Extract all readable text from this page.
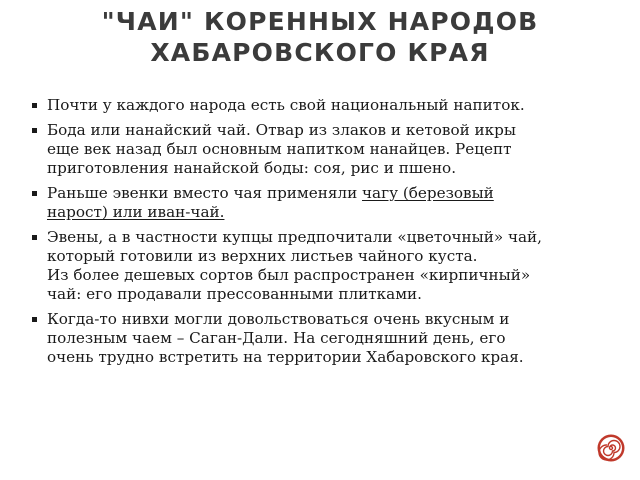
"ЧАИ" КОРЕННЫХ НАРОДОВ
ХАБАРОВСКОГО КРАЯ
Почти у каждого народа есть свой национальный напиток.
Бода или нанайский чай. Отвар из злаков и кетовой икры
еще век назад был основным напитком нанайцев. Рецепт
приготовления нанайской боды: соя, рис и пшено.
Раньше эвенки вместо чая применяли чагу (березовый
нарост) или иван-чай.
Эвены, а в частности купцы предпочитали «цветочный» чай,
который готовили из верхних листьев чайного куста.
Из более дешевых сортов был распространен «кирпичный»
чай: его продавали прессованными плитками.
Когда-то нивхи могли довольствоваться очень вкусным и
полезным чаем – Саган-Дали. На сегодняшний день, его
очень трудно встретить на территории Хабаровского края.
